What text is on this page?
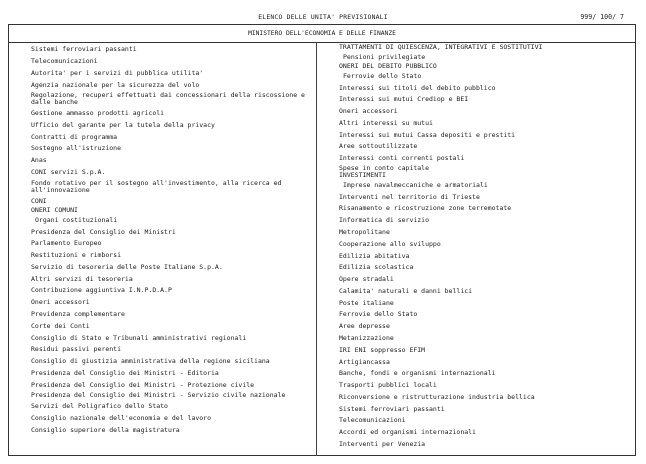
ELENCO DELLE UNITA' PREVISIONALI	999/ 100/ 7
MINISTERO DELL'ECONOMIA E DELLE FINANZE
Sistemi ferroviari passanti
Telecomunicazioni
Autorita' per i servizi di pubblica utilita'
Agenzia nazionale per la sicurezza del volo
Regolazione, recuperi effettuati dai concessionari della riscossione e dalle banche
Gestione ammasso prodotti agricoli
Ufficio del garante per la tutela della privacy
Contratti di programma
Sostegno all'istruzione
Anas
CONI servizi S.p.A.
Fondo rotativo per il sostegno all'investimento, alla ricerca ed all'innovazione
CONI
ONERI COMUNI
Organi costituzionali
Presidenza del Consiglio dei Ministri
Parlamento Europeo
Restituzioni e rimborsi
Servizio di tesoreria delle Poste Italiane S.p.A.
Altri servizi di tesoreria
Contribuzione aggiuntiva I.N.P.D.A.P
Oneri accessori
Previdenza complementare
Corte dei Conti
Consiglio di Stato e Tribunali amministrativi regionali
Residui passivi perenti
Consiglio di giustizia amministrativa della regione siciliana
Presidenza del Consiglio dei Ministri - Editoria
Presidenza del Consiglio dei Ministri - Protezione civile
Presidenza del Consiglio dei Ministri - Servizio civile nazionale
Servizi del Poligrafico dello Stato
Consiglio nazionale dell'economia e del lavoro
Consiglio superiore della magistratura
TRATTAMENTI DI QUIESCENZA, INTEGRATIVI E SOSTITUTIVI
Pensioni privilegiate
ONERI DEL DEBITO PUBBLICO
Ferrovie dello Stato
Interessi sui titoli del debito pubblico
Interessi sui mutui Crediop e BEI
Oneri accessori
Altri interessi su mutui
Interessi sui mutui Cassa depositi e prestiti
Aree sottoutilizzate
Interessi conti correnti postali
Spese in conto capitale
INVESTIMENTI
Imprese navalmeccaniche e armatoriali
Interventi nel territorio di Trieste
Risanamento e ricostruzione zone terremotate
Informatica di servizio
Metropolitane
Cooperazione allo sviluppo
Edilizia abitativa
Edilizia scolastica
Opere stradali
Calamita' naturali e danni bellici
Poste italiane
Ferrovie dello Stato
Aree depresse
Metanizzazione
IRI ENI soppresso EFIM
Artigiancassa
Banche, fondi e organismi internazionali
Trasporti pubblici locali
Riconversione e ristrutturazione industria bellica
Sistemi ferroviari passanti
Telecomunicazioni
Accordi ed organismi internazionali
Interventi per Venezia
